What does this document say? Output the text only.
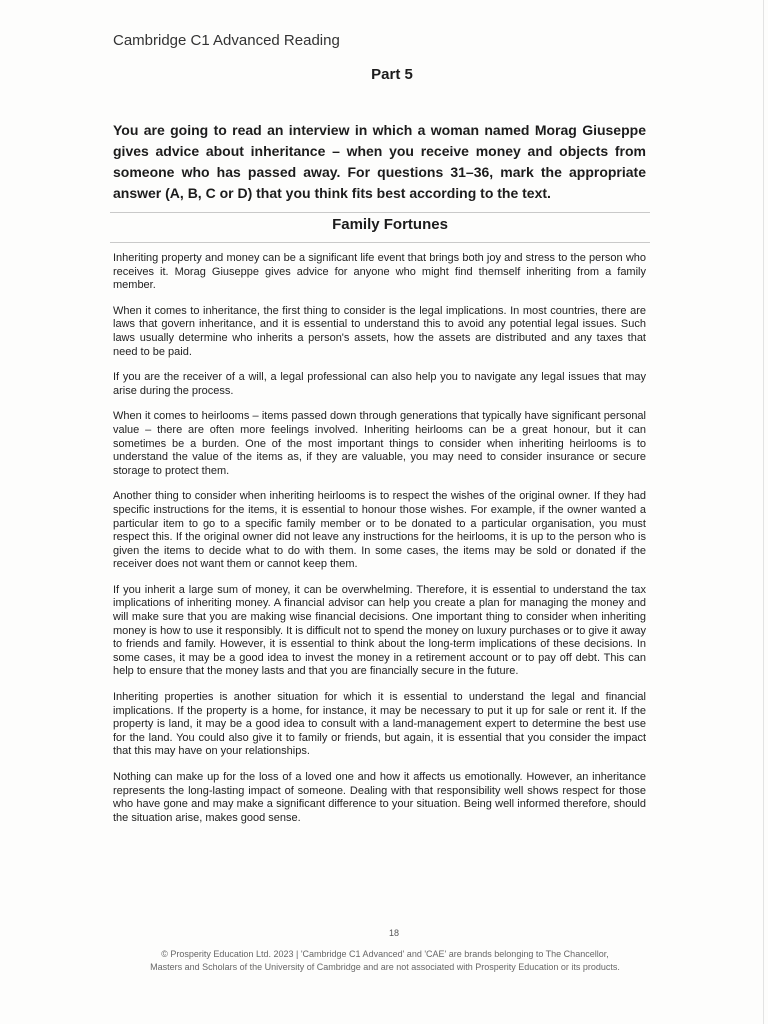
Cambridge C1 Advanced Reading
Part 5
You are going to read an interview in which a woman named Morag Giuseppe gives advice about inheritance – when you receive money and objects from someone who has passed away. For questions 31–36, mark the appropriate answer (A, B, C or D) that you think fits best according to the text.
Family Fortunes

Inheriting property and money can be a significant life event that brings both joy and stress to the person who receives it. Morag Giuseppe gives advice for anyone who might find themself inheriting from a family member.

When it comes to inheritance, the first thing to consider is the legal implications. In most countries, there are laws that govern inheritance, and it is essential to understand this to avoid any potential legal issues. Such laws usually determine who inherits a person's assets, how the assets are distributed and any taxes that need to be paid.

If you are the receiver of a will, a legal professional can also help you to navigate any legal issues that may arise during the process.

When it comes to heirlooms – items passed down through generations that typically have significant personal value – there are often more feelings involved. Inheriting heirlooms can be a great honour, but it can sometimes be a burden. One of the most important things to consider when inheriting heirlooms is to understand the value of the items as, if they are valuable, you may need to consider insurance or secure storage to protect them.

Another thing to consider when inheriting heirlooms is to respect the wishes of the original owner. If they had specific instructions for the items, it is essential to honour those wishes. For example, if the owner wanted a particular item to go to a specific family member or to be donated to a particular organisation, you must respect this. If the original owner did not leave any instructions for the heirlooms, it is up to the person who is given the items to decide what to do with them. In some cases, the items may be sold or donated if the receiver does not want them or cannot keep them.

If you inherit a large sum of money, it can be overwhelming. Therefore, it is essential to understand the tax implications of inheriting money. A financial advisor can help you create a plan for managing the money and will make sure that you are making wise financial decisions. One important thing to consider when inheriting money is how to use it responsibly. It is difficult not to spend the money on luxury purchases or to give it away to friends and family. However, it is essential to think about the long-term implications of these decisions. In some cases, it may be a good idea to invest the money in a retirement account or to pay off debt. This can help to ensure that the money lasts and that you are financially secure in the future.

Inheriting properties is another situation for which it is essential to understand the legal and financial implications. If the property is a home, for instance, it may be necessary to put it up for sale or rent it. If the property is land, it may be a good idea to consult with a land-management expert to determine the best use for the land. You could also give it to family or friends, but again, it is essential that you consider the impact that this may have on your relationships.

Nothing can make up for the loss of a loved one and how it affects us emotionally. However, an inheritance represents the long-lasting impact of someone. Dealing with that responsibility well shows respect for those who have gone and may make a significant difference to your situation. Being well informed therefore, should the situation arise, makes good sense.

18
© Prosperity Education Ltd. 2023 | 'Cambridge C1 Advanced' and 'CAE' are brands belonging to The Chancellor,
Masters and Scholars of the University of Cambridge and are not associated with Prosperity Education or its products.
